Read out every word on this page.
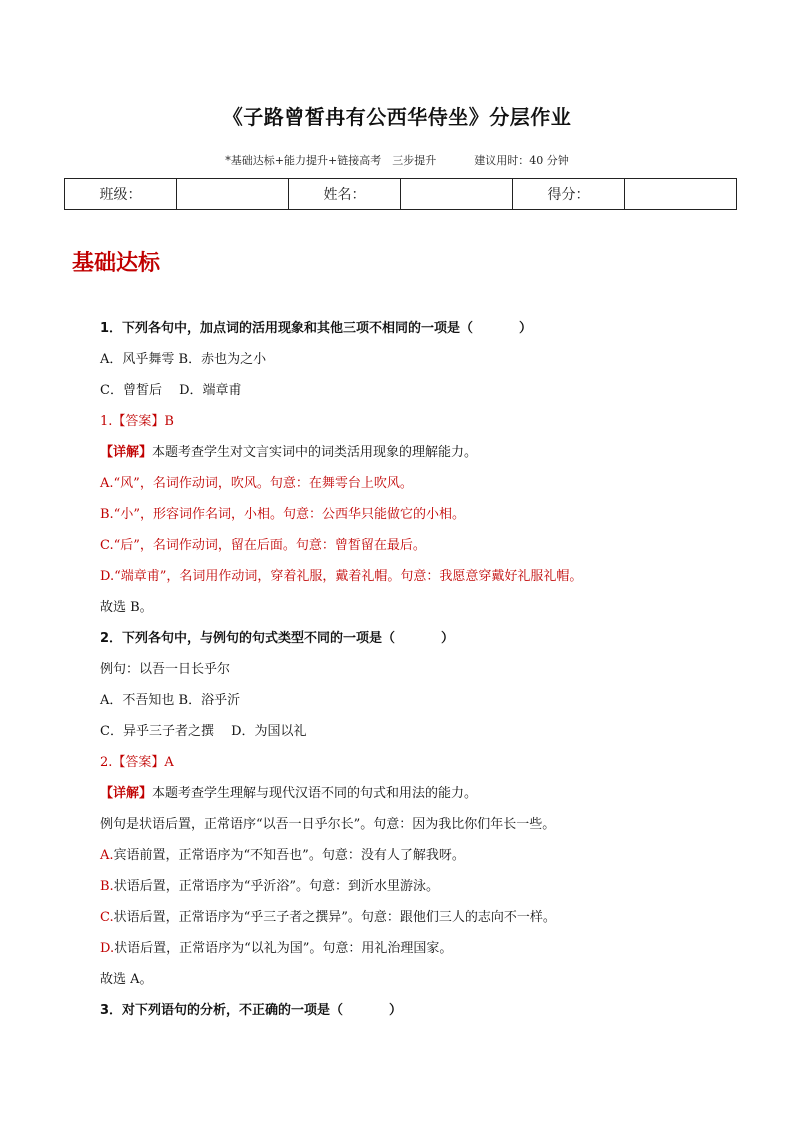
《子路曾皙冉有公西华侍坐》分层作业
*基础达标+能力提升+链接高考　三步提升	建议用时：40 分钟
班级：		姓名：		得分：	
基础达标
1．下列各句中，加点词的活用现象和其他三项不相同的一项是（	）
A．风乎舞雩 B．赤也为之小
C．曾皙后　 D．端章甫
1.【答案】B
【详解】本题考查学生对文言实词中的词类活用现象的理解能力。
A.“风”，名词作动词，吹风。句意：在舞雩台上吹风。
B.“小”，形容词作名词，小相。句意：公西华只能做它的小相。
C.“后”，名词作动词，留在后面。句意：曾皙留在最后。
D.“端章甫”，名词用作动词，穿着礼服，戴着礼帽。句意：我愿意穿戴好礼服礼帽。
故选 B。
2．下列各句中，与例句的句式类型不同的一项是（	）
例句：以吾一日长乎尔
A．不吾知也 B．浴乎沂
C．异乎三子者之撰　 D．为国以礼
2.【答案】A
【详解】本题考查学生理解与现代汉语不同的句式和用法的能力。
例句是状语后置，正常语序“以吾一日乎尔长”。句意：因为我比你们年长一些。
A.宾语前置，正常语序为“不知吾也”。句意：没有人了解我呀。
B.状语后置，正常语序为“乎沂浴”。句意：到沂水里游泳。
C.状语后置，正常语序为“乎三子者之撰异”。句意：跟他们三人的志向不一样。
D.状语后置，正常语序为“以礼为国”。句意：用礼治理国家。
故选 A。
3．对下列语句的分析，不正确的一项是（	）
